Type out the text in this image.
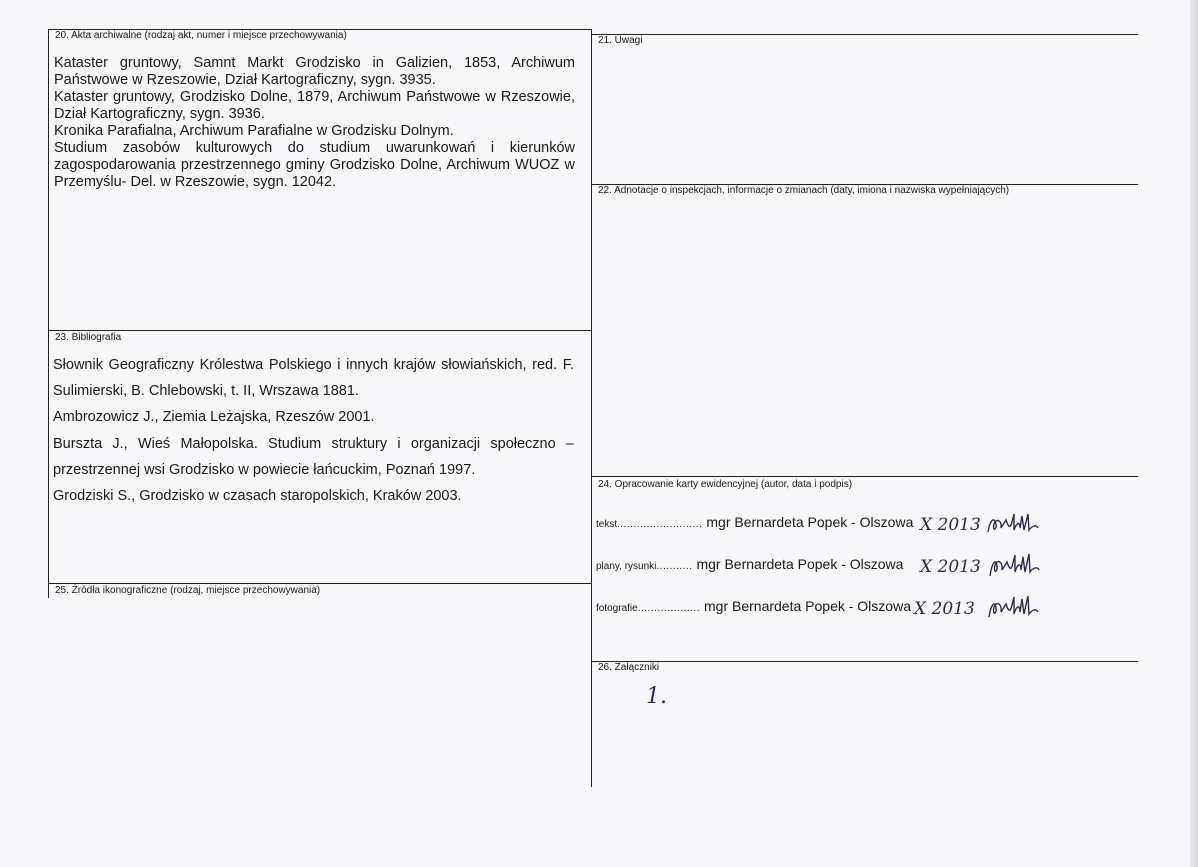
20. Akta archiwalne (rodzaj akt, numer i miejsce przechowywania)
Kataster gruntowy, Samnt Markt Grodzisko in Galizien, 1853, Archiwum Państwowe w Rzeszowie, Dział Kartograficzny, sygn. 3935.
Kataster gruntowy, Grodzisko Dolne, 1879, Archiwum Państwowe w Rzeszowie, Dział Kartograficzny, sygn. 3936.
Kronika Parafialna, Archiwum Parafialne w Grodzisku Dolnym.
Studium zasobów kulturowych do studium uwarunkowań i kierunków zagospodarowania przestrzennego gminy Grodzisko Dolne, Archiwum WUOZ w Przemyślu- Del. w Rzeszowie, sygn. 12042.
21. Uwagi
22. Adnotacje o inspekcjach, informacje o zmianach (daty, imiona i nazwiska wypełniających)
23. Bibliografia
Słownik Geograficzny Królestwa Polskiego i innych krajów słowiańskich, red. F. Sulimierski, B. Chlebowski, t. II, Wrszawa 1881.
Ambrozowicz J., Ziemia Leżajska, Rzeszów 2001.
Burszta J., Wieś Małopolska. Studium struktury i organizacji społeczno – przestrzennej wsi Grodzisko w powiecie łańcuckim, Poznań 1997.
Grodziski S., Grodzisko w czasach staropolskich, Kraków 2003.
24. Opracowanie karty ewidencyjnej (autor, data i podpis)
tekst .......................... mgr Bernardeta Popek - Olszowa X 2013
plany, rysunki ........... mgr Bernardeta Popek - Olszowa X 2013
fotografie ................... mgr Bernardeta Popek - Olszowa X 2013
25. Źródła ikonograficzne (rodzaj, miejsce przechowywania)
26. Załączniki
1.
